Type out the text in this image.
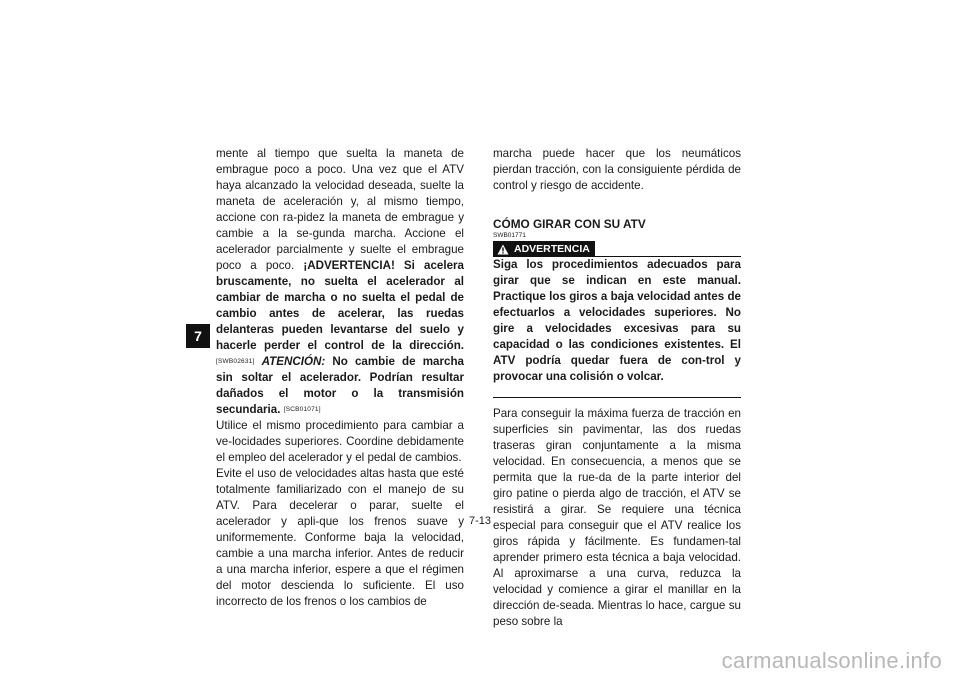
7

mente al tiempo que suelta la maneta de embrague poco a poco. Una vez que el ATV haya alcanzado la velocidad deseada, suelte la maneta de aceleración y, al mismo tiempo, accione con ra-pidez la maneta de embrague y cambie a la se-gunda marcha. Accione el acelerador parcialmente y suelte el embrague poco a poco. ¡ADVERTENCIA! Si acelera bruscamente, no suelta el acelerador al cambiar de marcha o no suelta el pedal de cambio antes de acelerar, las ruedas delanteras pueden levantarse del suelo y hacerle perder el control de la dirección. [SWB02631] ATENCIÓN: No cambie de marcha sin soltar el acelerador. Podrían resultar dañados el motor o la transmisión secundaria. [SCB01071]

Utilice el mismo procedimiento para cambiar a ve-locidades superiores. Coordine debidamente el empleo del acelerador y el pedal de cambios.

Evite el uso de velocidades altas hasta que esté totalmente familiarizado con el manejo de su ATV. Para decelerar o parar, suelte el acelerador y apli-que los frenos suave y uniformemente. Conforme baja la velocidad, cambie a una marcha inferior. Antes de reducir a una marcha inferior, espere a que el régimen del motor descienda lo suficiente. El uso incorrecto de los frenos o los cambios de

marcha puede hacer que los neumáticos pierdan tracción, con la consiguiente pérdida de control y riesgo de accidente.

CÓMO GIRAR CON SU ATV

SWB01771
ADVERTENCIA

Siga los procedimientos adecuados para girar que se indican en este manual. Practique los giros a baja velocidad antes de efectuarlos a velocidades superiores. No gire a velocidades excesivas para su capacidad o las condiciones existentes. El ATV podría quedar fuera de con-trol y provocar una colisión o volcar.

Para conseguir la máxima fuerza de tracción en superficies sin pavimentar, las dos ruedas traseras giran conjuntamente a la misma velocidad. En consecuencia, a menos que se permita que la rue-da de la parte interior del giro patine o pierda algo de tracción, el ATV se resistirá a girar. Se requiere una técnica especial para conseguir que el ATV realice los giros rápida y fácilmente. Es fundamen-tal aprender primero esta técnica a baja velocidad. Al aproximarse a una curva, reduzca la velocidad y comience a girar el manillar en la dirección de-seada. Mientras lo hace, cargue su peso sobre la

7-13
carmanualsonline.info
